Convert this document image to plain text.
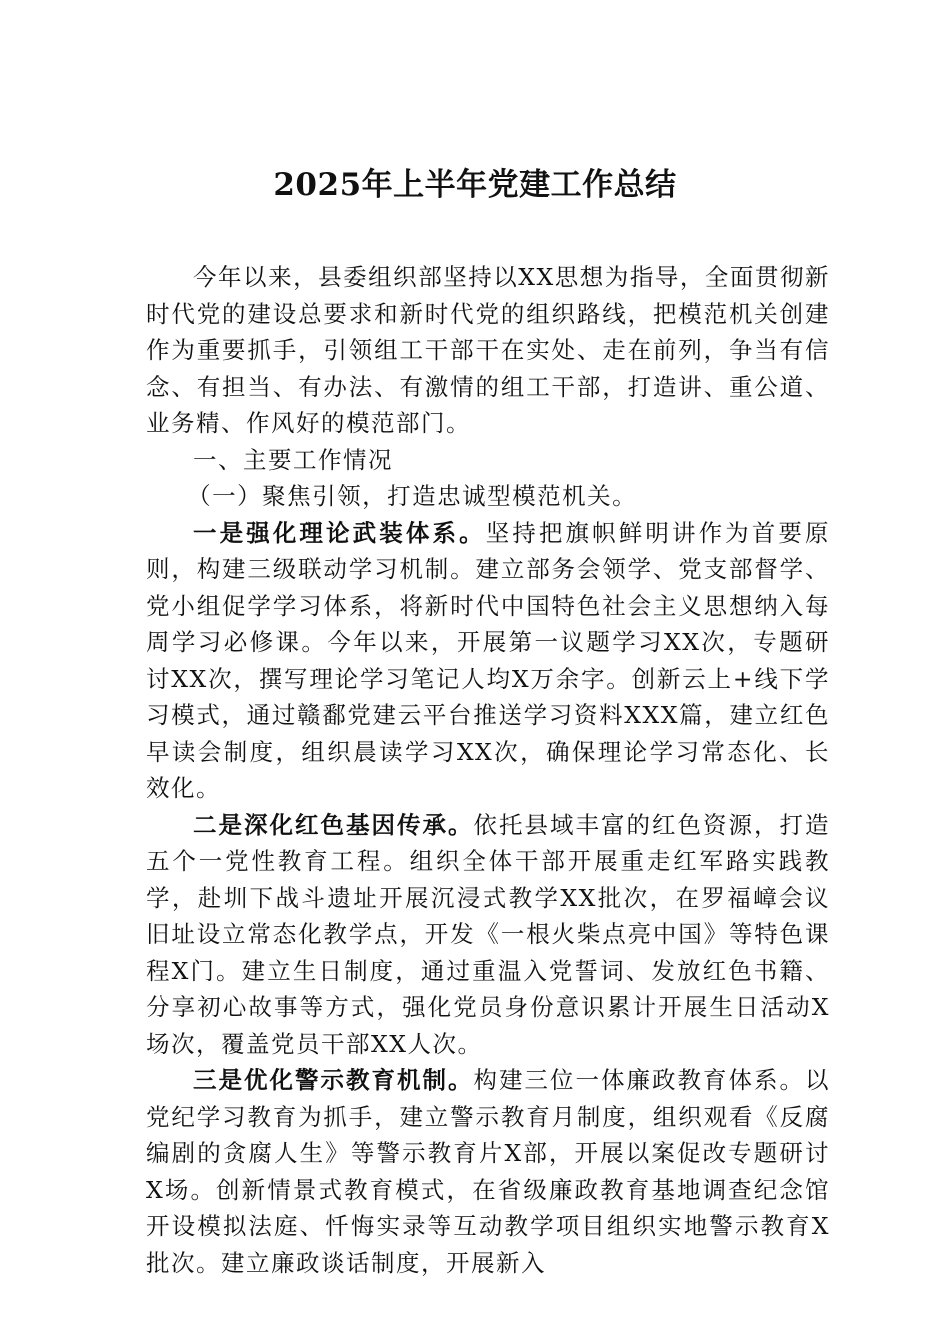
2025年上半年党建工作总结

今年以来，县委组织部坚持以XX思想为指导，全面贯彻新时代党的建设总要求和新时代党的组织路线，把模范机关创建作为重要抓手，引领组工干部干在实处、走在前列，争当有信念、有担当、有办法、有激情的组工干部，打造讲、重公道、业务精、作风好的模范部门。

一、主要工作情况

（一）聚焦引领，打造忠诚型模范机关。

一是强化理论武装体系。坚持把旗帜鲜明讲作为首要原则，构建三级联动学习机制。建立部务会领学、党支部督学、党小组促学学习体系，将新时代中国特色社会主义思想纳入每周学习必修课。今年以来，开展第一议题学习XX次，专题研讨XX次，撰写理论学习笔记人均X万余字。创新云上+线下学习模式，通过赣鄱党建云平台推送学习资料XXX篇，建立红色早读会制度，组织晨读学习XX次，确保理论学习常态化、长效化。

二是深化红色基因传承。依托县域丰富的红色资源，打造五个一党性教育工程。组织全体干部开展重走红军路实践教学，赴圳下战斗遗址开展沉浸式教学XX批次，在罗福嶂会议旧址设立常态化教学点，开发《一根火柴点亮中国》等特色课程X门。建立生日制度，通过重温入党誓词、发放红色书籍、分享初心故事等方式，强化党员身份意识累计开展生日活动X场次，覆盖党员干部XX人次。

三是优化警示教育机制。构建三位一体廉政教育体系。以党纪学习教育为抓手，建立警示教育月制度，组织观看《反腐编剧的贪腐人生》等警示教育片X部，开展以案促改专题研讨X场。创新情景式教育模式，在省级廉政教育基地调查纪念馆开设模拟法庭、忏悔实录等互动教学项目组织实地警示教育X批次。建立廉政谈话制度，开展新入
